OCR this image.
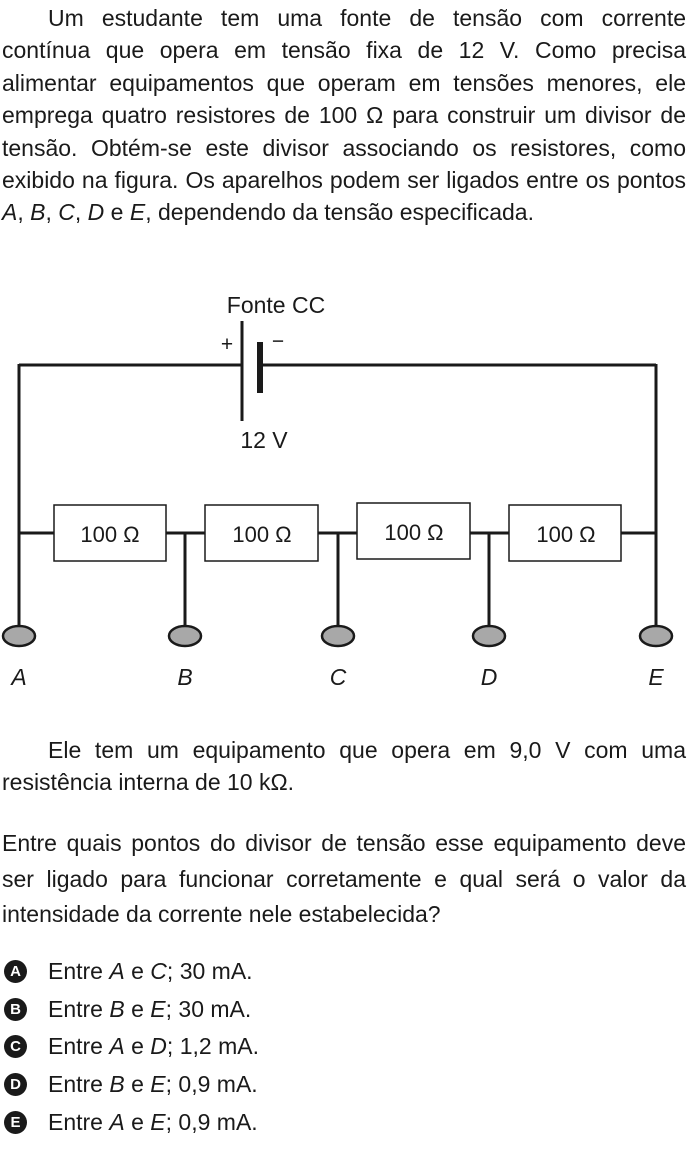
Um estudante tem uma fonte de tensão com corrente contínua que opera em tensão fixa de 12 V. Como precisa alimentar equipamentos que operam em tensões menores, ele emprega quatro resistores de 100 Ω para construir um divisor de tensão. Obtém-se este divisor associando os resistores, como exibido na figura. Os aparelhos podem ser ligados entre os pontos A, B, C, D e E, dependendo da tensão especificada.

Fonte CC
+ −
12 V
100 Ω	100 Ω	100 Ω	100 Ω
A	B	C	D	E

Ele tem um equipamento que opera em 9,0 V com uma resistência interna de 10 kΩ.

Entre quais pontos do divisor de tensão esse equipamento deve ser ligado para funcionar corretamente e qual será o valor da intensidade da corrente nele estabelecida?

A Entre A e C; 30 mA.
B Entre B e E; 30 mA.
C Entre A e D; 1,2 mA.
D Entre B e E; 0,9 mA.
E Entre A e E; 0,9 mA.
